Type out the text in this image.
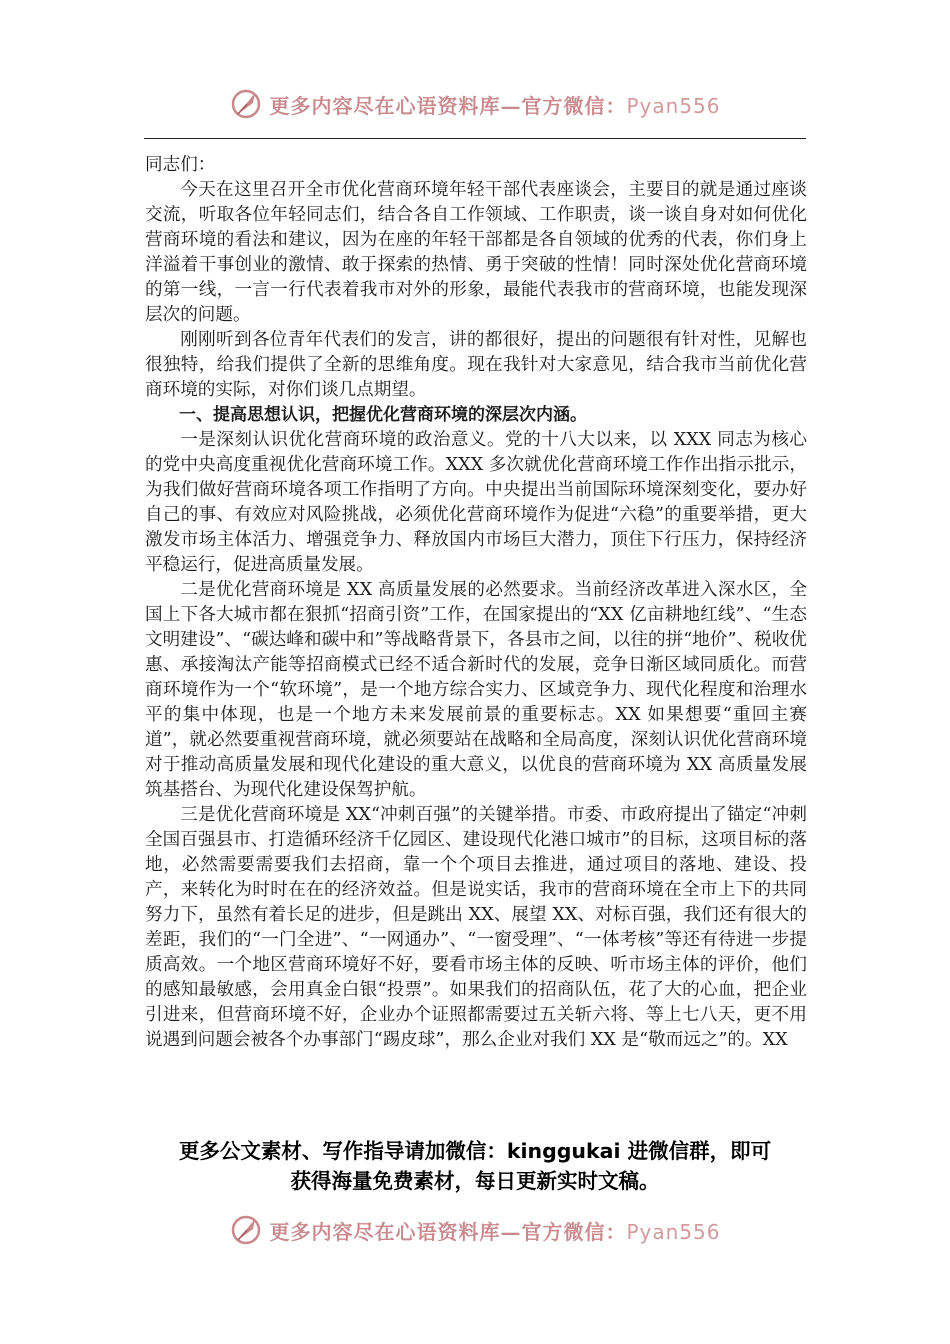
更多内容尽在心语资料库—官方微信：Pyan556

同志们：

今天在这里召开全市优化营商环境年轻干部代表座谈会，主要目的就是通过座谈交流，听取各位年轻同志们，结合各自工作领域、工作职责，谈一谈自身对如何优化营商环境的看法和建议，因为在座的年轻干部都是各自领域的优秀的代表，你们身上洋溢着干事创业的激情、敢于探索的热情、勇于突破的性情！同时深处优化营商环境的第一线，一言一行代表着我市对外的形象，最能代表我市的营商环境，也能发现深层次的问题。

刚刚听到各位青年代表们的发言，讲的都很好，提出的问题很有针对性，见解也很独特，给我们提供了全新的思维角度。现在我针对大家意见，结合我市当前优化营商环境的实际，对你们谈几点期望。

一、提高思想认识，把握优化营商环境的深层次内涵。

一是深刻认识优化营商环境的政治意义。党的十八大以来，以 XXX 同志为核心的党中央高度重视优化营商环境工作。XXX 多次就优化营商环境工作作出指示批示，为我们做好营商环境各项工作指明了方向。中央提出当前国际环境深刻变化，要办好自己的事、有效应对风险挑战，必须优化营商环境作为促进“六稳”的重要举措，更大激发市场主体活力、增强竞争力、释放国内市场巨大潜力，顶住下行压力，保持经济平稳运行，促进高质量发展。

二是优化营商环境是 XX 高质量发展的必然要求。当前经济改革进入深水区，全国上下各大城市都在狠抓“招商引资”工作，在国家提出的“XX 亿亩耕地红线”、“生态文明建设”、“碳达峰和碳中和”等战略背景下，各县市之间，以往的拼“地价”、税收优惠、承接淘汰产能等招商模式已经不适合新时代的发展，竞争日渐区域同质化。而营商环境作为一个“软环境”，是一个地方综合实力、区域竞争力、现代化程度和治理水平的集中体现，也是一个地方未来发展前景的重要标志。XX 如果想要“重回主赛道”，就必然要重视营商环境，就必须要站在战略和全局高度，深刻认识优化营商环境对于推动高质量发展和现代化建设的重大意义，以优良的营商环境为 XX 高质量发展筑基搭台、为现代化建设保驾护航。

三是优化营商环境是 XX“冲刺百强”的关键举措。市委、市政府提出了锚定“冲刺全国百强县市、打造循环经济千亿园区、建设现代化港口城市”的目标，这项目标的落地，必然需要需要我们去招商，靠一个个项目去推进，通过项目的落地、建设、投产，来转化为时时在在的经济效益。但是说实话，我市的营商环境在全市上下的共同努力下，虽然有着长足的进步，但是跳出 XX、展望 XX、对标百强，我们还有很大的差距，我们的“一门全进”、“一网通办”、“一窗受理”、“一体考核”等还有待进一步提质高效。一个地区营商环境好不好，要看市场主体的反映、听市场主体的评价，他们的感知最敏感，会用真金白银“投票”。如果我们的招商队伍，花了大的心血，把企业引进来，但营商环境不好，企业办个证照都需要过五关斩六将、等上七八天，更不用说遇到问题会被各个办事部门“踢皮球”，那么企业对我们 XX 是“敬而远之”的。XX

更多公文素材、写作指导请加微信：kinggukai 进微信群，即可
获得海量免费素材，每日更新实时文稿。
更多内容尽在心语资料库—官方微信：Pyan556
